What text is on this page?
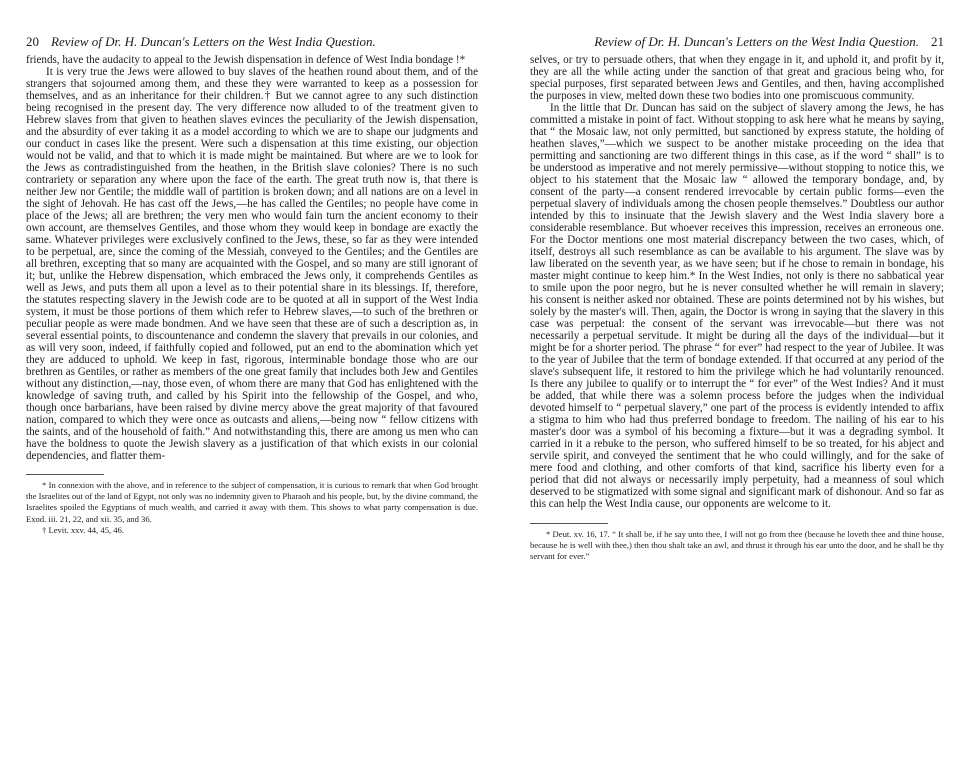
20 Review of Dr. H. Duncan's Letters on the West India Question.

friends, have the audacity to appeal to the Jewish dispensation in defence of West India bondage !*

It is very true the Jews were allowed to buy slaves of the heathen round about them, and of the strangers that sojourned among them, and these they were warranted to keep as a possession for themselves, and as an inheritance for their children.† But we cannot agree to any such distinction being recognised in the present day. The very difference now alluded to of the treatment given to Hebrew slaves from that given to heathen slaves evinces the peculiarity of the Jewish dispensation, and the absurdity of ever taking it as a model according to which we are to shape our judgments and our conduct in cases like the present. Were such a dispensation at this time existing, our objection would not be valid, and that to which it is made might be maintained. But where are we to look for the Jews as contradistinguished from the heathen, in the British slave colonies? There is no such contrariety or separation any where upon the face of the earth. The great truth now is, that there is neither Jew nor Gentile; the middle wall of partition is broken down; and all nations are on a level in the sight of Jehovah. He has cast off the Jews,—he has called the Gentiles; no people have come in place of the Jews; all are brethren; the very men who would fain turn the ancient economy to their own account, are themselves Gentiles, and those whom they would keep in bondage are exactly the same. Whatever privileges were exclusively confined to the Jews, these, so far as they were intended to be perpetual, are, since the coming of the Messiah, conveyed to the Gentiles; and the Gentiles are all brethren, excepting that so many are acquainted with the Gospel, and so many are still ignorant of it; but, unlike the Hebrew dispensation, which embraced the Jews only, it comprehends Gentiles as well as Jews, and puts them all upon a level as to their potential share in its blessings. If, therefore, the statutes respecting slavery in the Jewish code are to be quoted at all in support of the West India system, it must be those portions of them which refer to Hebrew slaves,—to such of the brethren or peculiar people as were made bondmen. And we have seen that these are of such a description as, in several essential points, to discountenance and condemn the slavery that prevails in our colonies, and as will very soon, indeed, if faithfully copied and followed, put an end to the abomination which yet they are adduced to uphold. We keep in fast, rigorous, interminable bondage those who are our brethren as Gentiles, or rather as members of the one great family that includes both Jew and Gentiles without any distinction,—nay, those even, of whom there are many that God has enlightened with the knowledge of saving truth, and called by his Spirit into the fellowship of the Gospel, and who, though once barbarians, have been raised by divine mercy above the great majority of that favoured nation, compared to which they were once as outcasts and aliens,—being now “ fellow citizens with the saints, and of the household of faith.” And notwithstanding this, there are among us men who can have the boldness to quote the Jewish slavery as a justification of that which exists in our colonial dependencies, and flatter them-

* In connexion with the above, and in reference to the subject of compensation, it is curious to remark that when God brought the Israelites out of the land of Egypt, not only was no indemnity given to Pharaoh and his people, but, by the divine command, the Israelites spoiled the Egyptians of much wealth, and carried it away with them. This shows to what party compensation is due. Exod. iii. 21, 22, and xii. 35, and 36.

† Levit. xxv. 44, 45, 46.

Review of Dr. H. Duncan's Letters on the West India Question. 21

selves, or try to persuade others, that when they engage in it, and uphold it, and profit by it, they are all the while acting under the sanction of that great and gracious being who, for special purposes, first separated between Jews and Gentiles, and then, having accomplished the purposes in view, melted down these two bodies into one promiscuous community.

In the little that Dr. Duncan has said on the subject of slavery among the Jews, he has committed a mistake in point of fact. Without stopping to ask here what he means by saying, that “ the Mosaic law, not only permitted, but sanctioned by express statute, the holding of heathen slaves,”—which we suspect to be another mistake proceeding on the idea that permitting and sanctioning are two different things in this case, as if the word “ shall” is to be understood as imperative and not merely permissive—without stopping to notice this, we object to his statement that the Mosaic law “ allowed the temporary bondage, and, by consent of the party—a consent rendered irrevocable by certain public forms—even the perpetual slavery of individuals among the chosen people themselves.” Doubtless our author intended by this to insinuate that the Jewish slavery and the West India slavery bore a considerable resemblance. But whoever receives this impression, receives an erroneous one. For the Doctor mentions one most material discrepancy between the two cases, which, of itself, destroys all such resemblance as can be available to his argument. The slave was by law liberated on the seventh year, as we have seen; but if he chose to remain in bondage, his master might continue to keep him.* In the West Indies, not only is there no sabbatical year to smile upon the poor negro, but he is never consulted whether he will remain in slavery; his consent is neither asked nor obtained. These are points determined not by his wishes, but solely by the master's will. Then, again, the Doctor is wrong in saying that the slavery in this case was perpetual: the consent of the servant was irrevocable—but there was not necessarily a perpetual servitude. It might be during all the days of the individual—but it might be for a shorter period. The phrase “ for ever” had respect to the year of Jubilee. It was to the year of Jubilee that the term of bondage extended. If that occurred at any period of the slave's subsequent life, it restored to him the privilege which he had voluntarily renounced. Is there any jubilee to qualify or to interrupt the “ for ever” of the West Indies? And it must be added, that while there was a solemn process before the judges when the individual devoted himself to “ perpetual slavery,” one part of the process is evidently intended to affix a stigma to him who had thus preferred bondage to freedom. The nailing of his ear to his master's door was a symbol of his becoming a fixture—but it was a degrading symbol. It carried in it a rebuke to the person, who suffered himself to be so treated, for his abject and servile spirit, and conveyed the sentiment that he who could willingly, and for the sake of mere food and clothing, and other comforts of that kind, sacrifice his liberty even for a period that did not always or necessarily imply perpetuity, had a meanness of soul which deserved to be stigmatized with some signal and significant mark of dishonour. And so far as this can help the West India cause, our opponents are welcome to it.

* Deut. xv. 16, 17. “ It shall be, if he say unto thee, I will not go from thee (because he loveth thee and thine house, because he is well with thee,) then thou shalt take an awl, and thrust it through his ear unto the door, and he shall be thy servant for ever.”
